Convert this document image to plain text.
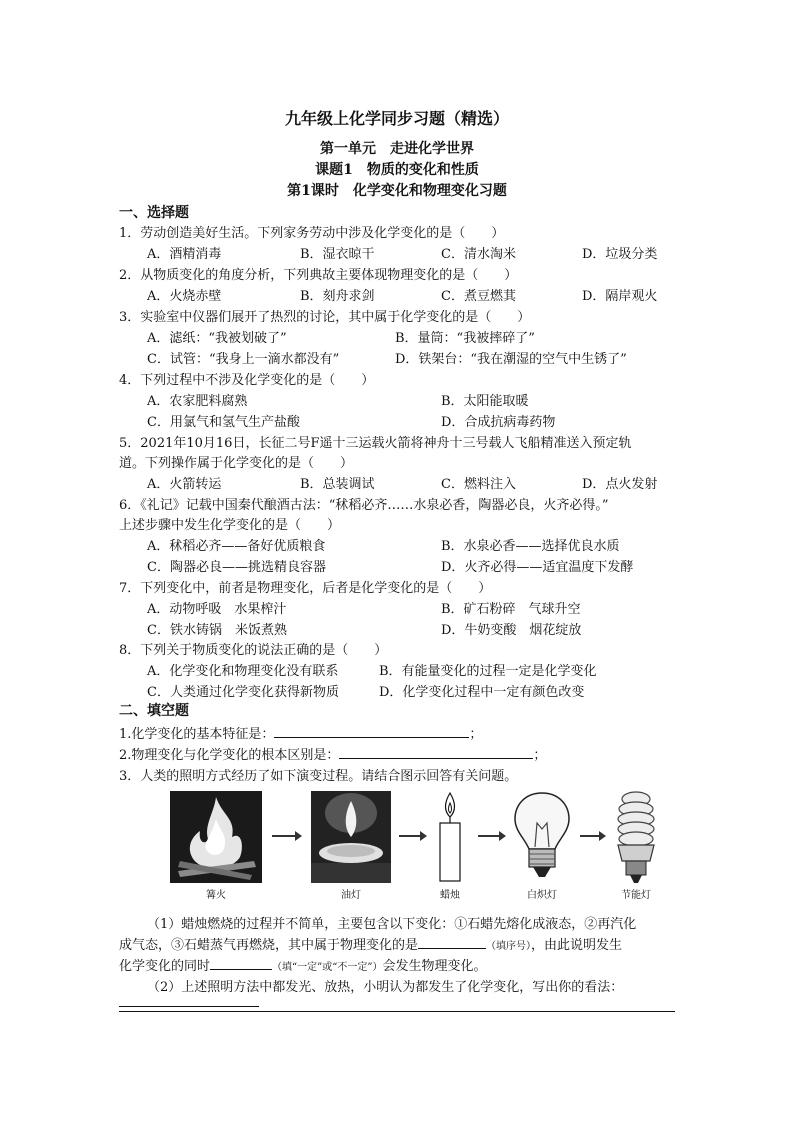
九年级上化学同步习题（精选）
第一单元　走进化学世界
课题1　物质的变化和性质
第1课时　化学变化和物理变化习题
一、选择题
1．劳动创造美好生活。下列家务劳动中涉及化学变化的是（　　）
A．酒精消毒	B．湿衣晾干	C．清水淘米	D．垃圾分类
2．从物质变化的角度分析，下列典故主要体现物理变化的是（　　）
A．火烧赤壁	B．刻舟求剑	C．煮豆燃萁	D．隔岸观火
3．实验室中仪器们展开了热烈的讨论，其中属于化学变化的是（　　）
A．滤纸：“我被划破了”	B．量筒：“我被摔碎了”
C．试管：“我身上一滴水都没有”	D．铁架台：“我在潮湿的空气中生锈了”
4．下列过程中不涉及化学变化的是（　　）
A．农家肥料腐熟	B．太阳能取暖
C．用氯气和氢气生产盐酸	D．合成抗病毒药物
5．2021年10月16日，长征二号F遥十三运载火箭将神舟十三号载人飞船精准送入预定轨
道。下列操作属于化学变化的是（　　）
A．火箭转运	B．总装调试	C．燃料注入	D．点火发射
6．《礼记》记载中国秦代酿酒古法：“秫稻必齐……水泉必香，陶器必良，火齐必得。”
上述步骤中发生化学变化的是（　　）
A．秫稻必齐——备好优质粮食	B．水泉必香——选择优良水质
C．陶器必良——挑选精良容器	D．火齐必得——适宜温度下发酵
7．下列变化中，前者是物理变化，后者是化学变化的是（　　）
A．动物呼吸　水果榨汁	B．矿石粉碎　气球升空
C．铁水铸锅　米饭煮熟	D．牛奶变酸　烟花绽放
8．下列关于物质变化的说法正确的是（　　）
A．化学变化和物理变化没有联系	B．有能量变化的过程一定是化学变化
C．人类通过化学变化获得新物质	D．化学变化过程中一定有颜色改变
二、填空题
1.化学变化的基本特征是：	；
2.物理变化与化学变化的根本区别是：	；
3．人类的照明方式经历了如下演变过程。请结合图示回答有关问题。
篝火	油灯	蜡烛	白炽灯	节能灯
（1）蜡烛燃烧的过程并不简单，主要包含以下变化：①石蜡先熔化成液态，②再汽化
成气态，③石蜡蒸气再燃烧，其中属于物理变化的是	（填序号），由此说明发生
化学变化的同时	（填“一定”或“不一定”）会发生物理变化。
（2）上述照明方法中都发光、放热，小明认为都发生了化学变化，写出你的看法：
